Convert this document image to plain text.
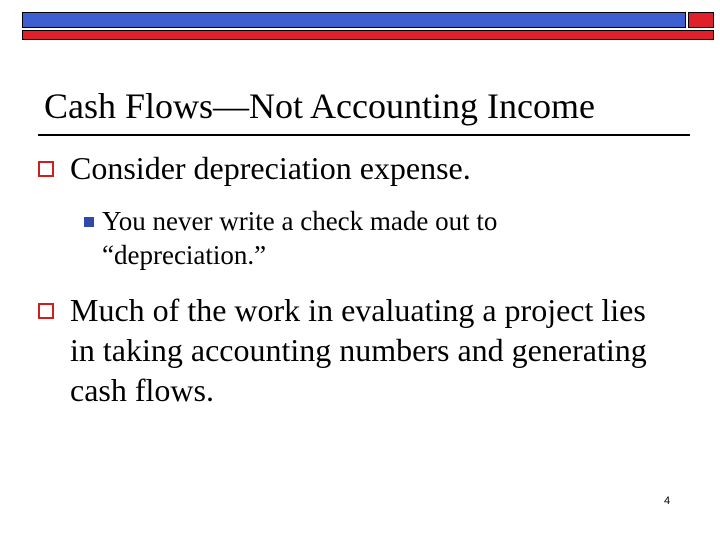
Cash Flows—Not Accounting Income
Consider depreciation expense.
You never write a check made out to “depreciation.”
Much of the work in evaluating a project lies in taking accounting numbers and generating cash flows.
4
